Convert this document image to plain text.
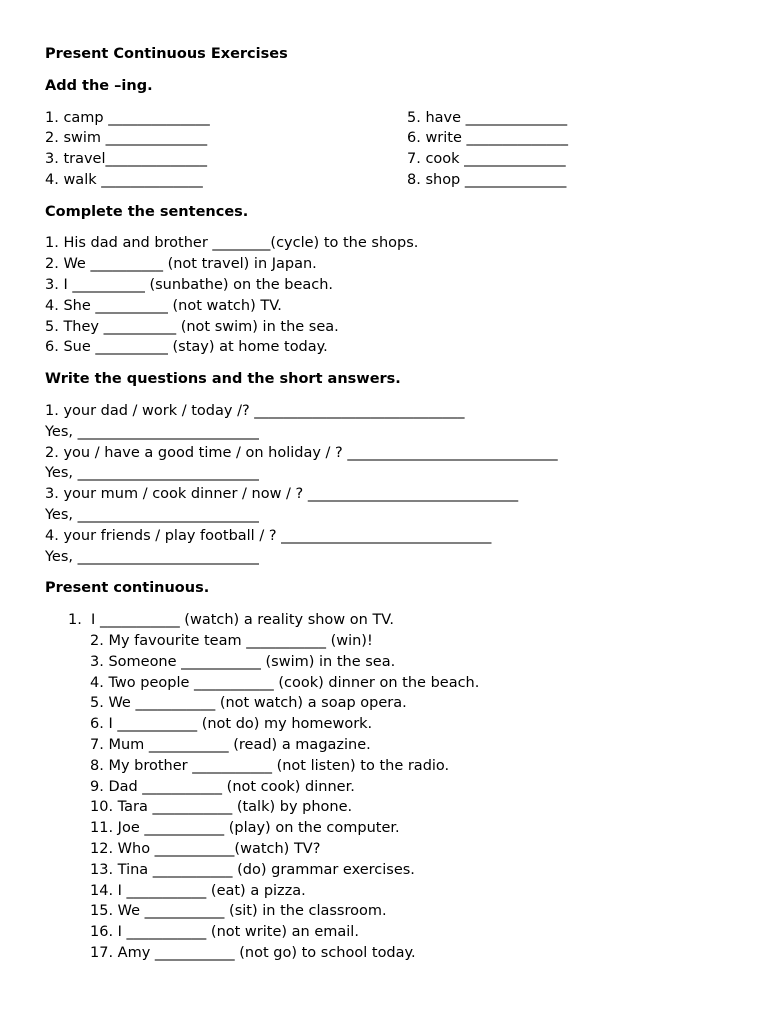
Present Continuous Exercises
Add the –ing.
1. camp ______________
2. swim ______________
3. travel______________
4. walk ______________
5. have ______________
6. write ______________
7. cook ______________
8. shop ______________
Complete the sentences.
1. His dad and brother ________(cycle) to the shops.
2. We __________ (not travel) in Japan.
3. I __________ (sunbathe) on the beach.
4. She __________ (not watch) TV.
5. They __________ (not swim) in the sea.
6. Sue __________ (stay) at home today.
Write the questions and the short answers.
1. your dad / work / today /? _____________________________
Yes, _________________________
2. you / have a good time / on holiday / ? _____________________________
Yes, _________________________
3. your mum / cook dinner / now / ? _____________________________
Yes, _________________________
4. your friends / play football / ? _____________________________
Yes, _________________________
Present continuous.
1.  I ___________ (watch) a reality show on TV.
2. My favourite team ___________ (win)!
3. Someone ___________ (swim) in the sea.
4. Two people ___________ (cook) dinner on the beach.
5. We ___________ (not watch) a soap opera.
6. I ___________ (not do) my homework.
7. Mum ___________ (read) a magazine.
8. My brother ___________ (not listen) to the radio.
9. Dad ___________ (not cook) dinner.
10. Tara ___________ (talk) by phone.
11. Joe ___________ (play) on the computer.
12. Who ___________(watch) TV?
13. Tina ___________ (do) grammar exercises.
14. I ___________ (eat) a pizza.
15. We ___________ (sit) in the classroom.
16. I ___________ (not write) an email.
17. Amy ___________ (not go) to school today.
